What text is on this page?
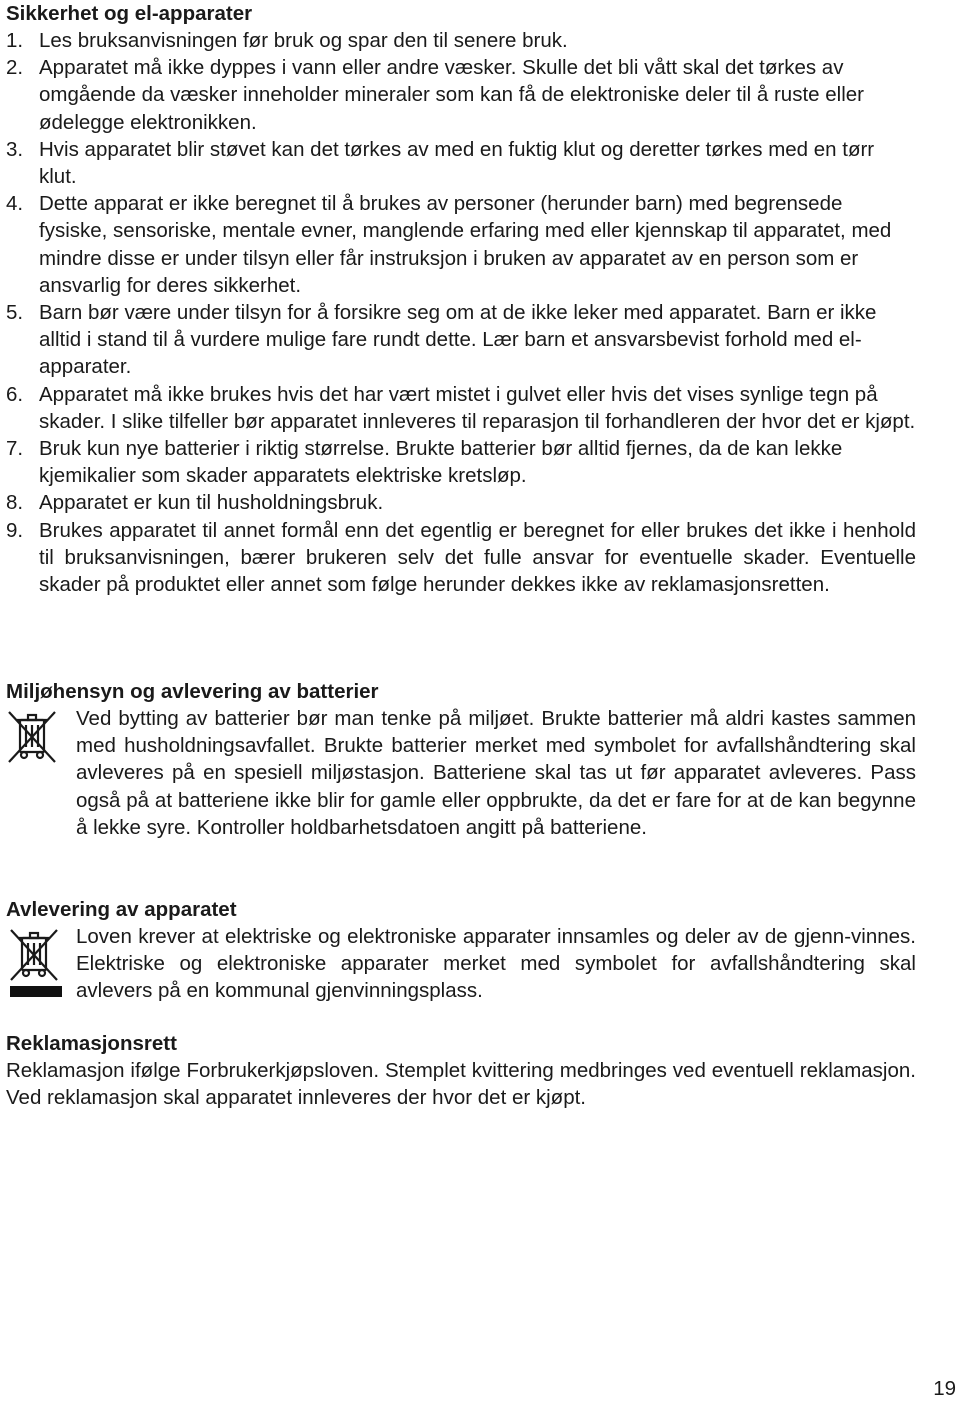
Sikkerhet og el-apparater
1. Les bruksanvisningen før bruk og spar den til senere bruk.
2. Apparatet må ikke dyppes i vann eller andre væsker. Skulle det bli vått skal det tørkes av omgående da væsker inneholder mineraler som kan få de elektroniske deler til å ruste eller ødelegge elektronikken.
3. Hvis apparatet blir støvet kan det tørkes av med en fuktig klut og deretter tørkes med en tørr klut.
4. Dette apparat er ikke beregnet til å brukes av personer (herunder barn) med begrensede fysiske, sensoriske, mentale evner, manglende erfaring med eller kjennskap til apparatet, med mindre disse er under tilsyn eller får instruksjon i bruken av apparatet av en person som er ansvarlig for deres sikkerhet.
5. Barn bør være under tilsyn for å forsikre seg om at de ikke leker med apparatet. Barn er ikke alltid i stand til å vurdere mulige fare rundt dette. Lær barn et ansvarsbevist forhold med el-apparater.
6. Apparatet må ikke brukes hvis det har vært mistet i gulvet eller hvis det vises synlige tegn på skader. I slike tilfeller bør apparatet innleveres til reparasjon til forhandleren der hvor det er kjøpt.
7. Bruk kun nye batterier i riktig størrelse. Brukte batterier bør alltid fjernes, da de kan lekke kjemikalier som skader apparatets elektriske kretsløp.
8. Apparatet er kun til husholdningsbruk.
9. Brukes apparatet til annet formål enn det egentlig er beregnet for eller brukes det ikke i henhold til bruksanvisningen, bærer brukeren selv det fulle ansvar for eventuelle skader. Eventuelle skader på produktet eller annet som følge herunder dekkes ikke av reklamasjonsretten.
Miljøhensyn og avlevering av batterier

Ved bytting av batterier bør man tenke på miljøet. Brukte batterier må aldri kastes sammen med husholdningsavfallet. Brukte batterier merket med symbolet for avfallshåndtering skal avleveres på en spesiell miljøstasjon. Batteriene skal tas ut før apparatet avleveres. Pass også på at batteriene ikke blir for gamle eller oppbrukte, da det er fare for at de kan begynne å lekke syre. Kontroller holdbarhetsdatoen angitt på batteriene.

Avlevering av apparatet

Loven krever at elektriske og elektroniske apparater innsamles og deler av de gjenn-vinnes. Elektriske og elektroniske apparater merket med symbolet for avfallshåndtering skal avlevers på en kommunal gjenvinningsplass.

Reklamasjonsrett

Reklamasjon ifølge Forbrukerkjøpsloven. Stemplet kvittering medbringes ved eventuell reklamasjon. Ved reklamasjon skal apparatet innleveres der hvor det er kjøpt.

19
